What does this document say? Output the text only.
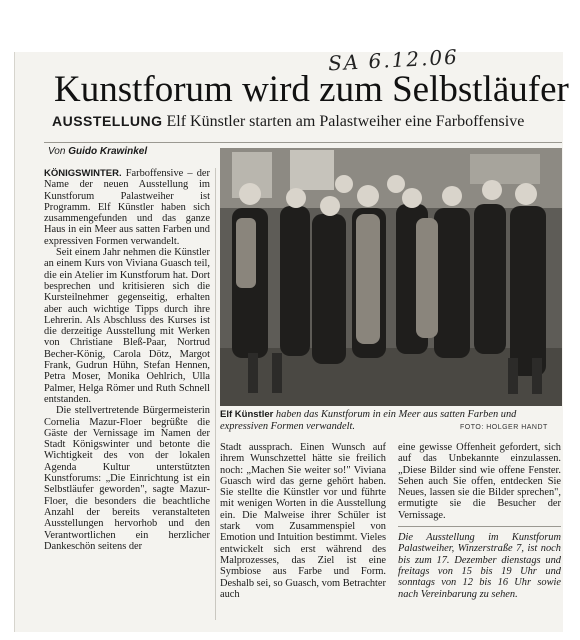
SA 6.12.06
Kunstforum wird zum Selbstläufer
AUSSTELLUNG Elf Künstler starten am Palastweiher eine Farboffensive
Von Guido Krawinkel

KÖNIGSWINTER. Farboffensive – der Name der neuen Ausstellung im Kunstforum Palastweiher ist Programm. Elf Künstler haben sich zusammengefunden und das ganze Haus in ein Meer aus satten Farben und expressiven Formen verwandelt.

Seit einem Jahr nehmen die Künstler an einem Kurs von Viviana Guasch teil, die ein Atelier im Kunstforum hat. Dort besprechen und kritisieren sich die Kursteilnehmer gegenseitig, erhalten aber auch wichtige Tipps durch ihre Lehrerin. Als Abschluss des Kurses ist die derzeitige Ausstellung mit Werken von Christiane Bleß-Paar, Nortrud Becher-König, Carola Dötz, Margot Frank, Gudrun Hühn, Stefan Hennen, Petra Moser, Monika Oehlrich, Ulla Palmer, Helga Römer und Ruth Schnell entstanden.

Die stellvertretende Bürgermeisterin Cornelia Mazur-Floer begrüßte die Gäste der Vernissage im Namen der Stadt Königswinter und betonte die Wichtigkeit des von der lokalen Agenda Kultur unterstützten Kunstforums: „Die Einrichtung ist ein Selbstläufer geworden", sagte Mazur-Floer, die besonders die beachtliche Anzahl der bereits veranstalteten Ausstellungen hervorhob und den Verantwortlichen ein herzlicher Dankeschön seitens der

Elf Künstler haben das Kunstforum in ein Meer aus satten Farben und expressiven Formen verwandelt.	FOTO: HOLGER HANDT

Stadt aussprach. Einen Wunsch auf ihrem Wunschzettel hätte sie freilich noch: „Machen Sie weiter so!" Viviana Guasch wird das gerne gehört haben. Sie stellte die Künstler vor und führte mit wenigen Worten in die Ausstellung ein. Die Malweise ihrer Schüler ist stark vom Zusammenspiel von Emotion und Intuition bestimmt. Vieles entwickelt sich erst während des Malprozesses, das Ziel ist eine Symbiose aus Farbe und Form. Deshalb sei, so Guasch, vom Betrachter auch

eine gewisse Offenheit gefordert, sich auf das Unbekannte einzulassen. „Diese Bilder sind wie offene Fenster. Sehen auch Sie offen, entdecken Sie Neues, lassen sie die Bilder sprechen", ermutigte sie die Besucher der Vernissage.

Die Ausstellung im Kunstforum Palastweiher, Winzerstraße 7, ist noch bis zum 17. Dezember dienstags und freitags von 15 bis 19 Uhr und sonntags von 12 bis 16 Uhr sowie nach Vereinbarung zu sehen.
